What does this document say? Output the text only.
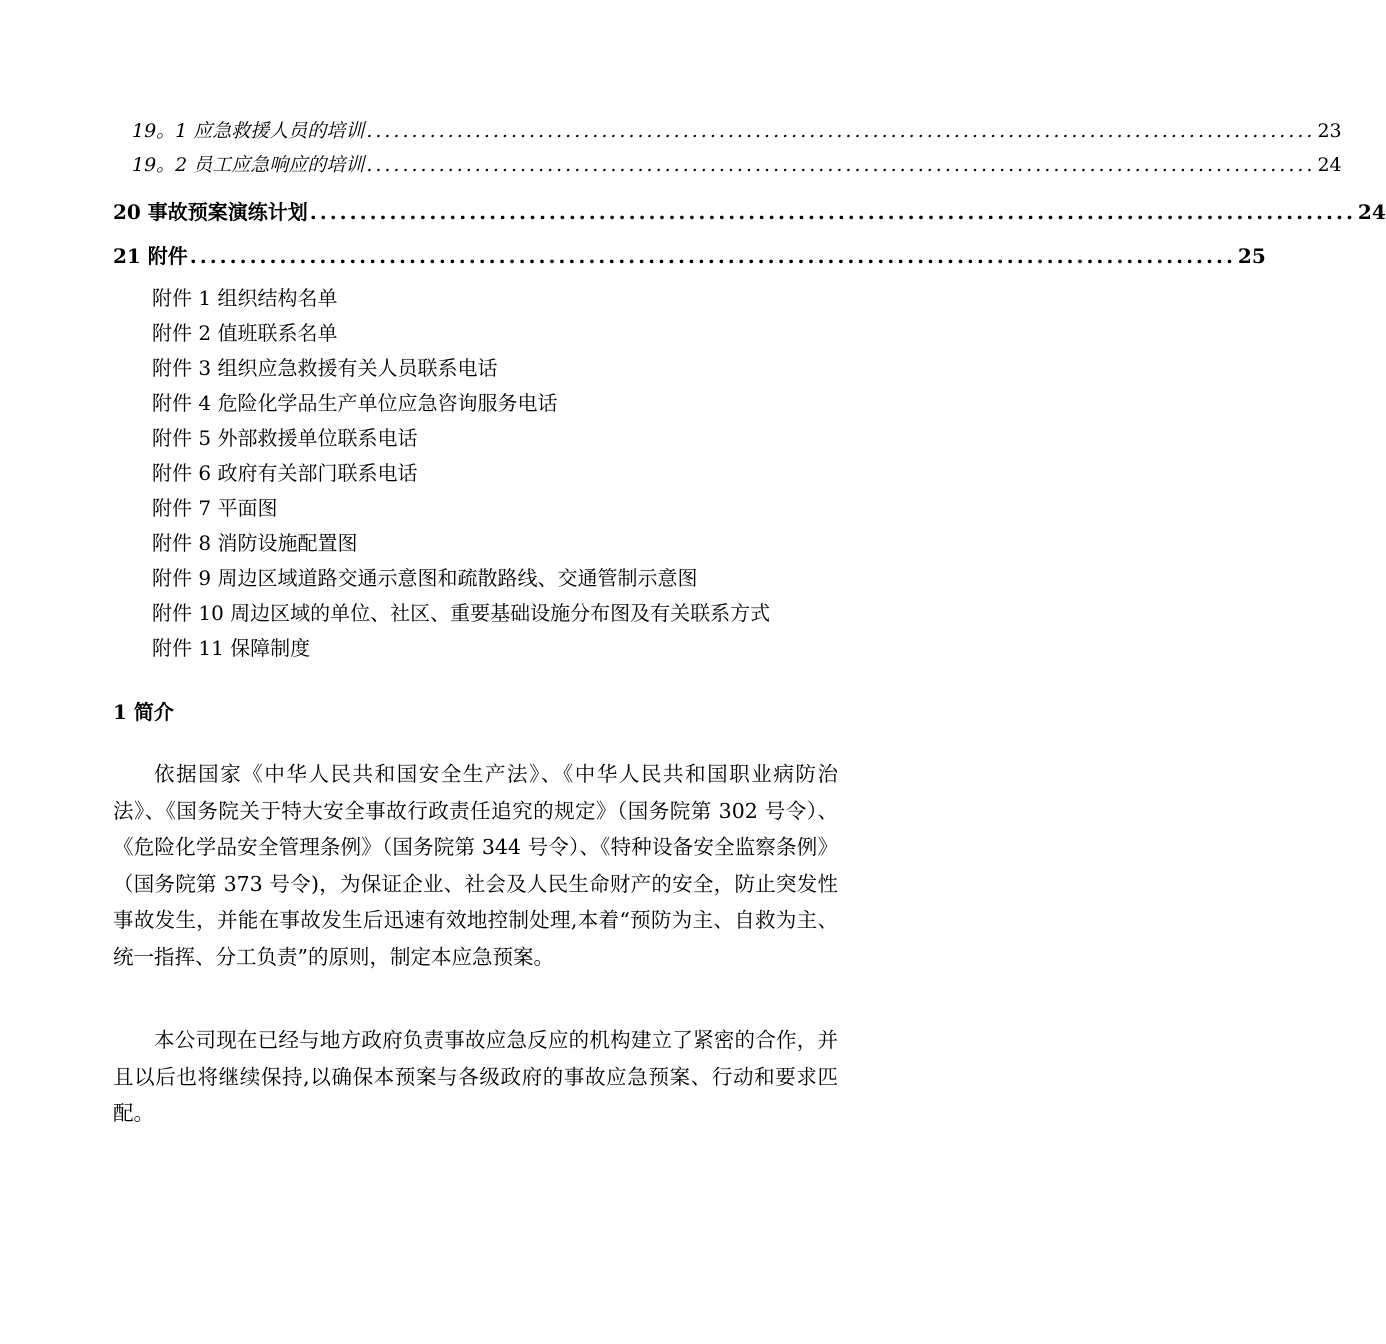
19。1 应急救援人员的培训 ......................................................................................................... 23
19。2 员工应急响应的培训 ......................................................................................................... 24
20 事故预案演练计划 ......................................................................................................... 24
21 附件 ......................................................................................................... 25
附件 1 组织结构名单
附件 2 值班联系名单
附件 3 组织应急救援有关人员联系电话
附件 4 危险化学品生产单位应急咨询服务电话
附件 5 外部救援单位联系电话
附件 6 政府有关部门联系电话
附件 7 平面图
附件 8 消防设施配置图
附件 9 周边区域道路交通示意图和疏散路线、交通管制示意图
附件 10 周边区域的单位、社区、重要基础设施分布图及有关联系方式
附件 11 保障制度
1 简介

依据国家《中华人民共和国安全生产法》、《中华人民共和国职业病防治法》、《国务院关于特大安全事故行政责任追究的规定》（国务院第 302 号令）、《危险化学品安全管理条例》（国务院第 344 号令）、《特种设备安全监察条例》（国务院第 373 号令)，为保证企业、社会及人民生命财产的安全，防止突发性事故发生，并能在事故发生后迅速有效地控制处理,本着“预防为主、自救为主、统一指挥、分工负责”的原则，制定本应急预案。

本公司现在已经与地方政府负责事故应急反应的机构建立了紧密的合作，并且以后也将继续保持,以确保本预案与各级政府的事故应急预案、行动和要求匹配。
